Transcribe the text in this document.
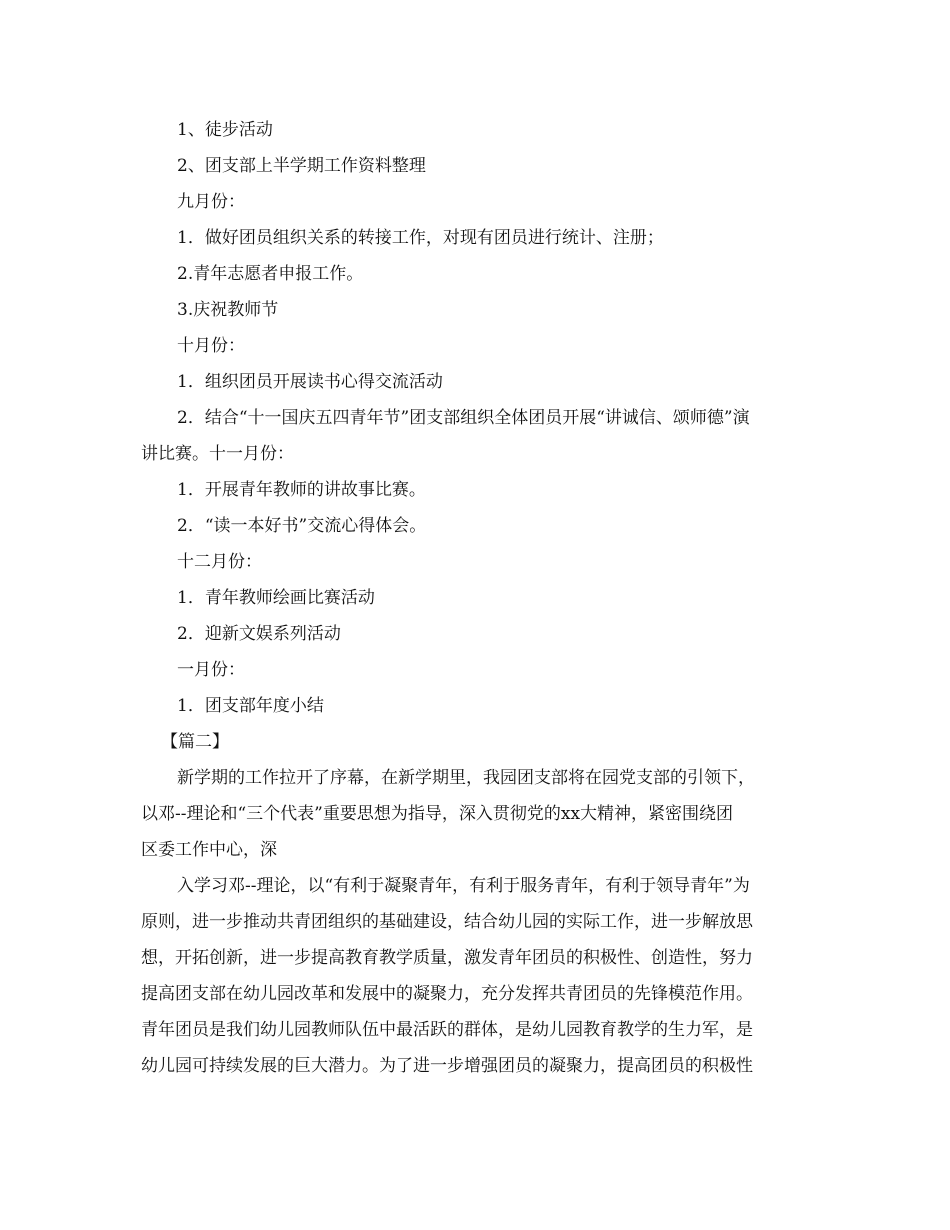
1、徒步活动
2、团支部上半学期工作资料整理
九月份：
1．做好团员组织关系的转接工作，对现有团员进行统计、注册；
2.青年志愿者申报工作。
3.庆祝教师节
十月份：
1．组织团员开展读书心得交流活动
2．结合“十一国庆五四青年节”团支部组织全体团员开展“讲诚信、颂师德”演
讲比赛。十一月份：
1．开展青年教师的讲故事比赛。
2．“读一本好书”交流心得体会。
十二月份：
1．青年教师绘画比赛活动
2．迎新文娱系列活动
一月份：
1．团支部年度小结
【篇二】
新学期的工作拉开了序幕，在新学期里，我园团支部将在园党支部的引领下，
以邓--理论和“三个代表”重要思想为指导，深入贯彻党的xx大精神，紧密围绕团
区委工作中心，深
入学习邓--理论，以“有利于凝聚青年，有利于服务青年，有利于领导青年”为
原则，进一步推动共青团组织的基础建设，结合幼儿园的实际工作，进一步解放思
想，开拓创新，进一步提高教育教学质量，激发青年团员的积极性、创造性，努力
提高团支部在幼儿园改革和发展中的凝聚力，充分发挥共青团员的先锋模范作用。
青年团员是我们幼儿园教师队伍中最活跃的群体，是幼儿园教育教学的生力军，是
幼儿园可持续发展的巨大潜力。为了进一步增强团员的凝聚力，提高团员的积极性
